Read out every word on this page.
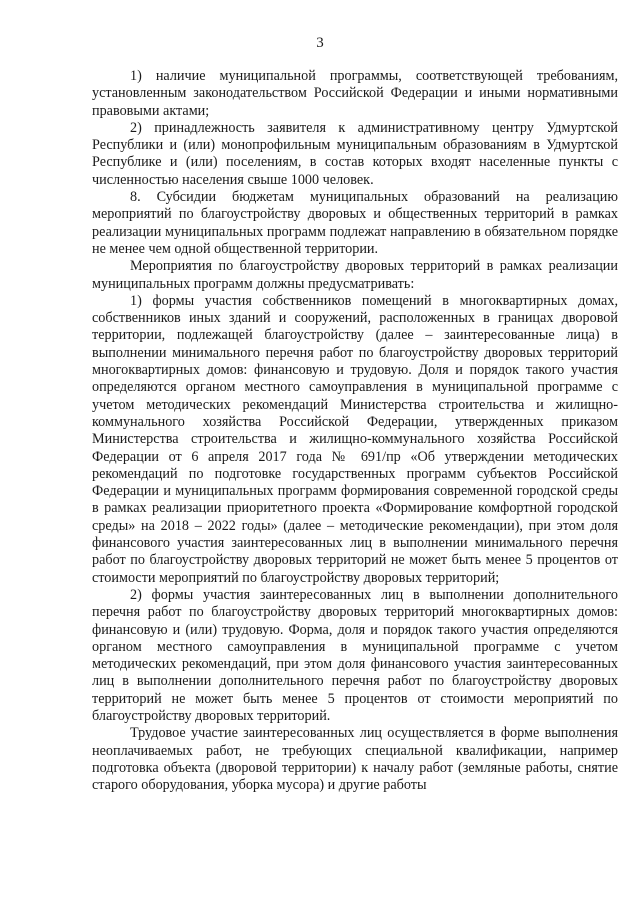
3

1) наличие муниципальной программы, соответствующей требованиям, установленным законодательством Российской Федерации и иными нормативными правовыми актами;

2) принадлежность заявителя к административному центру Удмуртской Республики и (или) монопрофильным муниципальным образованиям в Удмуртской Республике и (или) поселениям, в состав которых входят населенные пункты с численностью населения свыше 1000 человек.

8. Субсидии бюджетам муниципальных образований на реализацию мероприятий по благоустройству дворовых и общественных территорий в рамках реализации муниципальных программ подлежат направлению в обязательном порядке не менее чем одной общественной территории.

Мероприятия по благоустройству дворовых территорий в рамках реализации муниципальных программ должны предусматривать:

1) формы участия собственников помещений в многоквартирных домах, собственников иных зданий и сооружений, расположенных в границах дворовой территории, подлежащей благоустройству (далее – заинтересованные лица) в выполнении минимального перечня работ по благоустройству дворовых территорий многоквартирных домов: финансовую и трудовую. Доля и порядок такого участия определяются органом местного самоуправления в муниципальной программе с учетом методических рекомендаций Министерства строительства и жилищно-коммунального хозяйства Российской Федерации, утвержденных приказом Министерства строительства и жилищно-коммунального хозяйства Российской Федерации от 6 апреля 2017 года № 691/пр «Об утверждении методических рекомендаций по подготовке государственных программ субъектов Российской Федерации и муниципальных программ формирования современной городской среды в рамках реализации приоритетного проекта «Формирование комфортной городской среды» на 2018 – 2022 годы» (далее – методические рекомендации), при этом доля финансового участия заинтересованных лиц в выполнении минимального перечня работ по благоустройству дворовых территорий не может быть менее 5 процентов от стоимости мероприятий по благоустройству дворовых территорий;

2) формы участия заинтересованных лиц в выполнении дополнительного перечня работ по благоустройству дворовых территорий многоквартирных домов: финансовую и (или) трудовую. Форма, доля и порядок такого участия определяются органом местного самоуправления в муниципальной программе с учетом методических рекомендаций, при этом доля финансового участия заинтересованных лиц в выполнении дополнительного перечня работ по благоустройству дворовых территорий не может быть менее 5 процентов от стоимости мероприятий по благоустройству дворовых территорий.

Трудовое участие заинтересованных лиц осуществляется в форме выполнения неоплачиваемых работ, не требующих специальной квалификации, например подготовка объекта (дворовой территории) к началу работ (земляные работы, снятие старого оборудования, уборка мусора) и другие работы
